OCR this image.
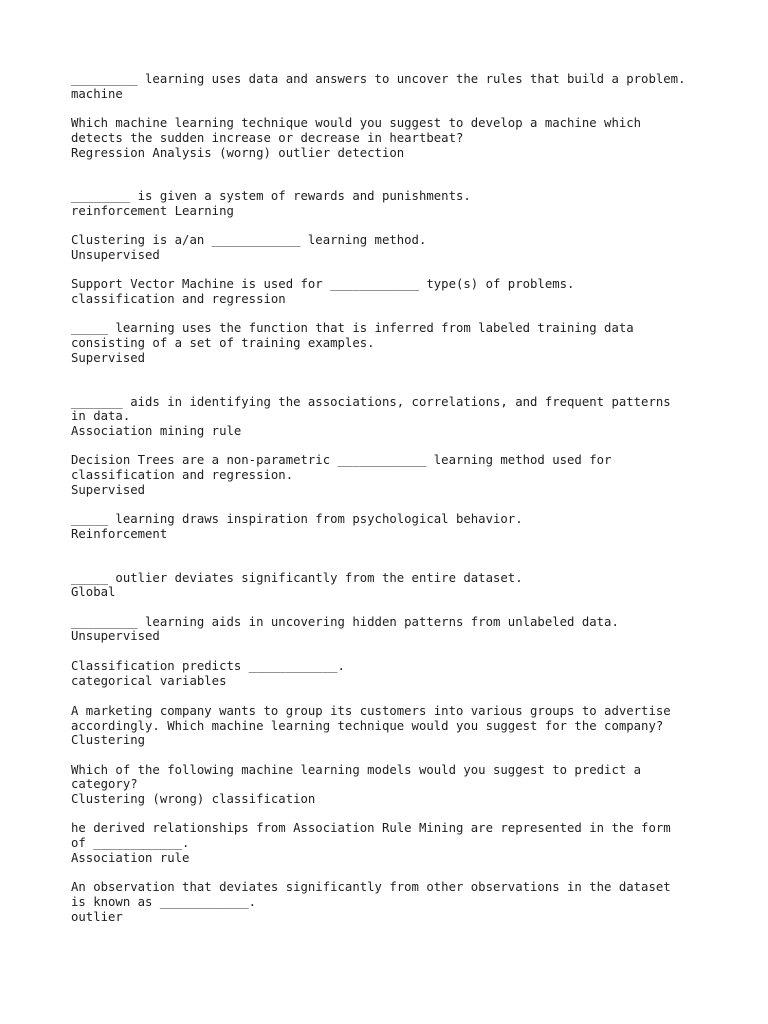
_________ learning uses data and answers to uncover the rules that build a problem.
machine
Which machine learning technique would you suggest to develop a machine which
detects the sudden increase or decrease in heartbeat?
Regression Analysis (worng) outlier detection
________ is given a system of rewards and punishments.
reinforcement Learning
Clustering is a/an ____________ learning method.
Unsupervised
Support Vector Machine is used for ____________ type(s) of problems.
classification and regression
_____ learning uses the function that is inferred from labeled training data
consisting of a set of training examples.
Supervised
_______ aids in identifying the associations, correlations, and frequent patterns
in data.
Association mining rule
Decision Trees are a non-parametric ____________ learning method used for
classification and regression.
Supervised
_____ learning draws inspiration from psychological behavior.
Reinforcement
_____ outlier deviates significantly from the entire dataset.
Global
_________ learning aids in uncovering hidden patterns from unlabeled data.
Unsupervised
Classification predicts ____________.
categorical variables
A marketing company wants to group its customers into various groups to advertise
accordingly. Which machine learning technique would you suggest for the company?
Clustering
Which of the following machine learning models would you suggest to predict a
category?
Clustering (wrong) classification
he derived relationships from Association Rule Mining are represented in the form
of ____________.
Association rule
An observation that deviates significantly from other observations in the dataset
is known as ____________.
outlier
